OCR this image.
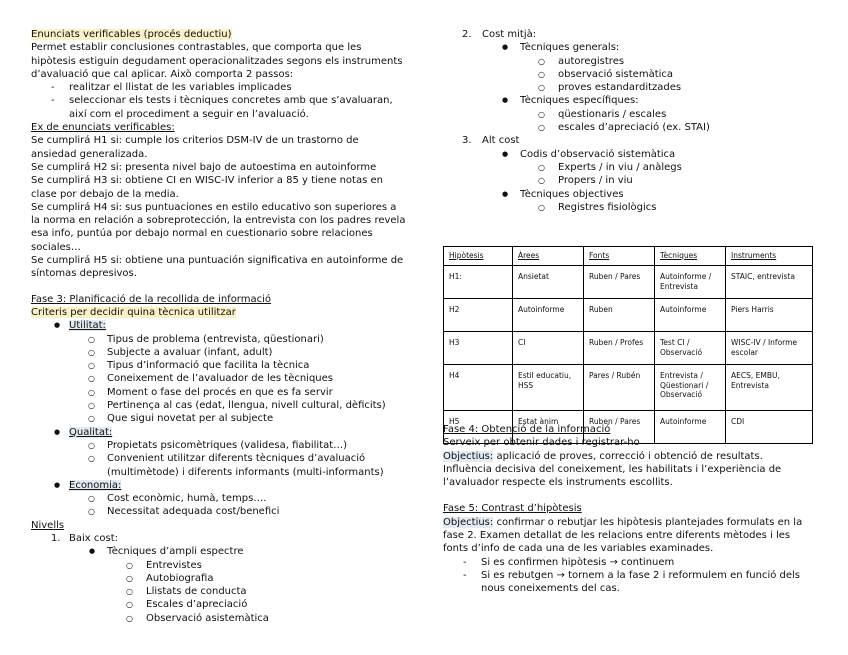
Enunciats verificables (procés deductiu)

Permet establir conclusiones contrastables, que comporta que les hipòtesis estiguin degudament operacionalitzades segons els instruments d’avaluació que cal aplicar. Això comporta 2 passos:

- realitzar el llistat de les variables implicades
- seleccionar els tests i tècniques concretes amb que s’avaluaran, així com el procediment a seguir en l’avaluació.

Ex de enunciats verificables:

Se cumplirá H1 si: cumple los criterios DSM-IV de un trastorno de ansiedad generalizada.

Se cumplirá H2 si: presenta nivel bajo de autoestima en autoinforme

Se cumplirá H3 si: obtiene CI en WISC-IV inferior a 85 y tiene notas en clase por debajo de la media.

Se cumplirá H4 si: sus puntuaciones en estilo educativo son superiores a la norma en relación a sobreprotección, la entrevista con los padres revela esa info, puntúa por debajo normal en cuestionario sobre relaciones sociales…

Se cumplirá H5 si: obtiene una puntuación significativa en autoinforme de síntomas depresivos.

Fase 3: Planificació de la recollida de informació

Criteris per decidir quina tècnica utilitzar

● Utilitat:
○ Tipus de problema (entrevista, qüestionari)
○ Subjecte a avaluar (infant, adult)
○ Tipus d’informació que facilita la tècnica
○ Coneixement de l’avaluador de les tècniques
○ Moment o fase del procés en que es fa servir
○ Pertinença al cas (edat, llengua, nivell cultural, dèficits)
○ Que sigui novetat per al subjecte
● Qualitat:
○ Propietats psicomètriques (validesa, fiabilitat…)
○ Convenient utilitzar diferents tècniques d’avaluació (multimètode) i diferents informants (multi-informants)
● Economia:
○ Cost econòmic, humà, temps….
○ Necessitat adequada cost/benefici

Nivells

1. Baix cost:
● Tècniques d’ampli espectre
○ Entrevistes
○ Autobiografia
○ Llistats de conducta
○ Escales d’apreciació
○ Observació asistemàtica
2. Cost mitjà:
● Tècniques generals:
○ autoregistres
○ observació sistemàtica
○ proves estandarditzades
● Tècniques específiques:
○ qüestionaris / escales
○ escales d’apreciació (ex. STAI)
3. Alt cost
● Codis d’observació sistemàtica
○ Experts / in viu / anàlegs
○ Propers / in viu
● Tècniques objectives
○ Registres fisiològics
Hipòtesis	Àrees	Fonts	Tècniques	Instruments
H1:	Ansietat	Ruben / Pares	Autoinforme / Entrevista	STAIC, entrevista
H2	Autoinforme	Ruben	Autoinforme	Piers Harris
H3	CI	Ruben / Profes	Test CI / Observació	WISC-IV / Informe escolar
H4	Estil educatiu, HSS	Pares / Rubén	Entrevista / Qüestionari / Observació	AECS, EMBU, Entrevista
H5	Estat ànim	Ruben / Pares	Autoinforme	CDI

Fase 4: Obtenció de la informació

Serveix per obtenir dades i registrar-ho

Objectius: aplicació de proves, correcció i obtenció de resultats.

Influència decisiva del coneixement, les habilitats i l’experiència de l’avaluador respecte els instruments escollits.

Fase 5: Contrast d’hipòtesis

Objectius: confirmar o rebutjar les hipòtesis plantejades formulats en la fase 2. Examen detallat de les relacions entre diferents mètodes i les fonts d’info de cada una de les variables examinades.

- Si es confirmen hipòtesis → continuem
- Si es rebutgen → tornem a la fase 2 i reformulem en funció dels nous coneixements del cas.
